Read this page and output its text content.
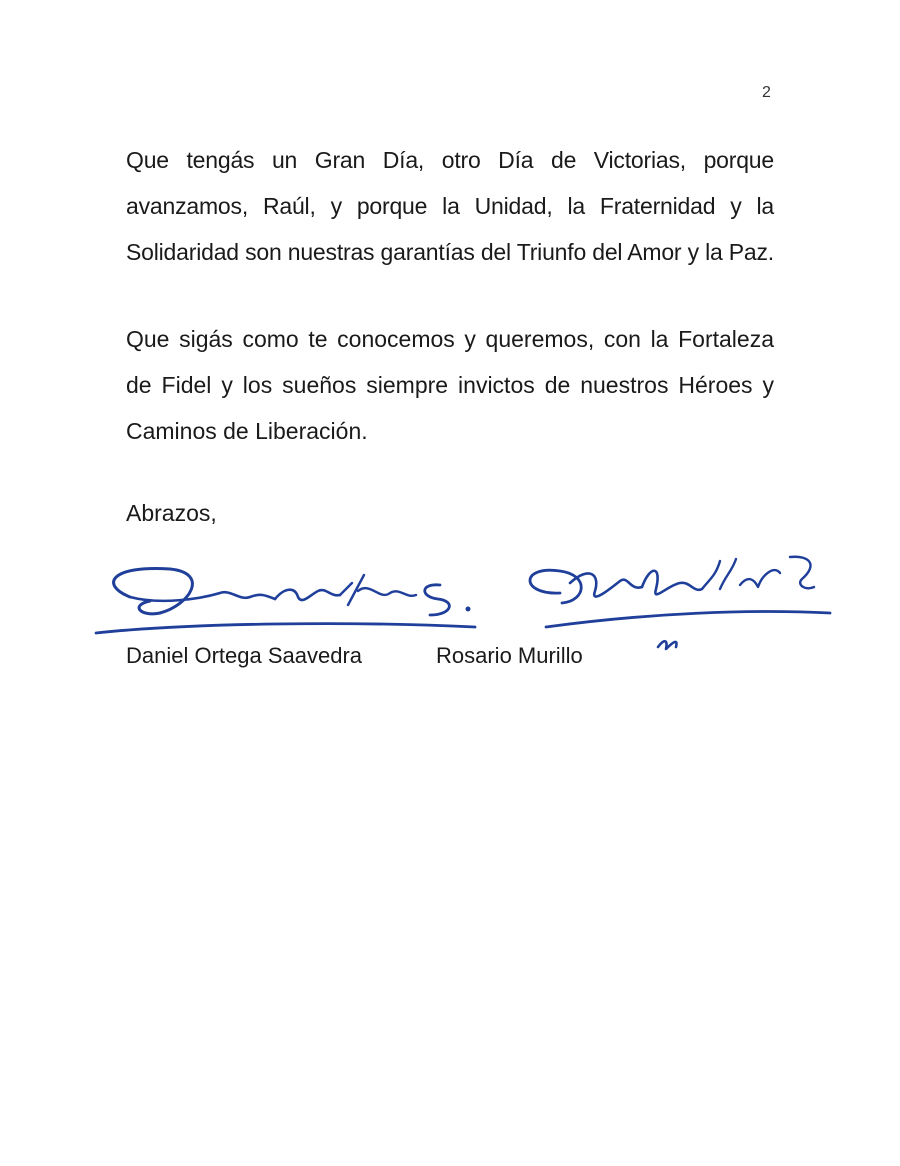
2

Que tengás un Gran Día, otro Día de Victorias, porque avanzamos, Raúl, y porque la Unidad, la Fraternidad y la Solidaridad son nuestras garantías del Triunfo del Amor y la Paz.

Que sigás como te conocemos y queremos, con la Fortaleza de Fidel y los sueños siempre invictos de nuestros Héroes y Caminos de Liberación.

Abrazos,

Daniel Ortega Saavedra	Rosario Murillo
